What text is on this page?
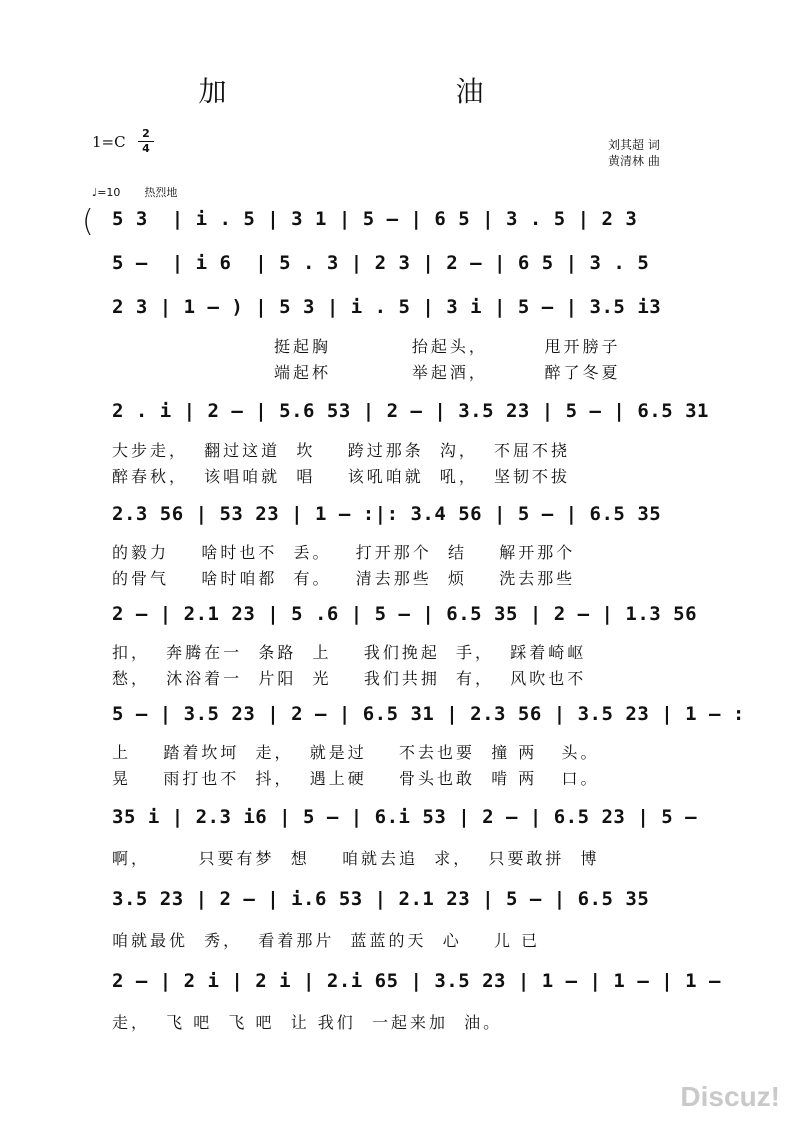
加 油
1=C	2
4	刘其超 词
黄清林 曲
♩=10 热烈地
( 5 3  | i . 5 | 3 1 | 5 – | 6 5 | 3 . 5 | 2 3
5 –  | i 6  | 5 . 3 | 2 3 | 2 – | 6 5 | 3 . 5
2 3 | 1 – ) | 5 3 | i . 5 | 3 i | 5 – | 3.5 i3
挺起胸          抬起头，       甩开膀子
端起杯          举起酒，       醉了冬夏
2 . i | 2 – | 5.6 53 | 2 – | 3.5 23 | 5 – | 6.5 31
大步走，  翻过这道  坎    跨过那条  沟，  不屈不挠
醉春秋，  该唱咱就  唱    该吼咱就  吼，  坚韧不拔
2.3 56 | 53 23 | 1 – :|: 3.4 56 | 5 – | 6.5 35
的毅力    啥时也不  丢。   打开那个  结    解开那个
的骨气    啥时咱都  有。   清去那些  烦    洗去那些
2 – | 2.1 23 | 5 .6 | 5 – | 6.5 35 | 2 – | 1.3 56
扣，  奔腾在一  条路  上    我们挽起  手，  踩着崎岖
愁，  沐浴着一  片阳  光    我们共拥  有，  风吹也不
5 – | 3.5 23 | 2 – | 6.5 31 | 2.3 56 | 3.5 23 | 1 – :
上    踏着坎坷  走，  就是过    不去也要  撞 两   头。
晃    雨打也不  抖，  遇上硬    骨头也敢  啃 两   口。
35 i | 2.3 i6 | 5 – | 6.i 53 | 2 – | 6.5 23 | 5 –
啊，      只要有梦  想    咱就去追  求，  只要敢拼  博
3.5 23 | 2 – | i.6 53 | 2.1 23 | 5 – | 6.5 35
咱就最优  秀，  看着那片  蓝蓝的天  心    儿 已
2 – | 2 i | 2 i | 2.i 65 | 3.5 23 | 1 – | 1 – | 1 –
走，  飞 吧  飞 吧  让 我们  一起来加  油。
Discuz!
